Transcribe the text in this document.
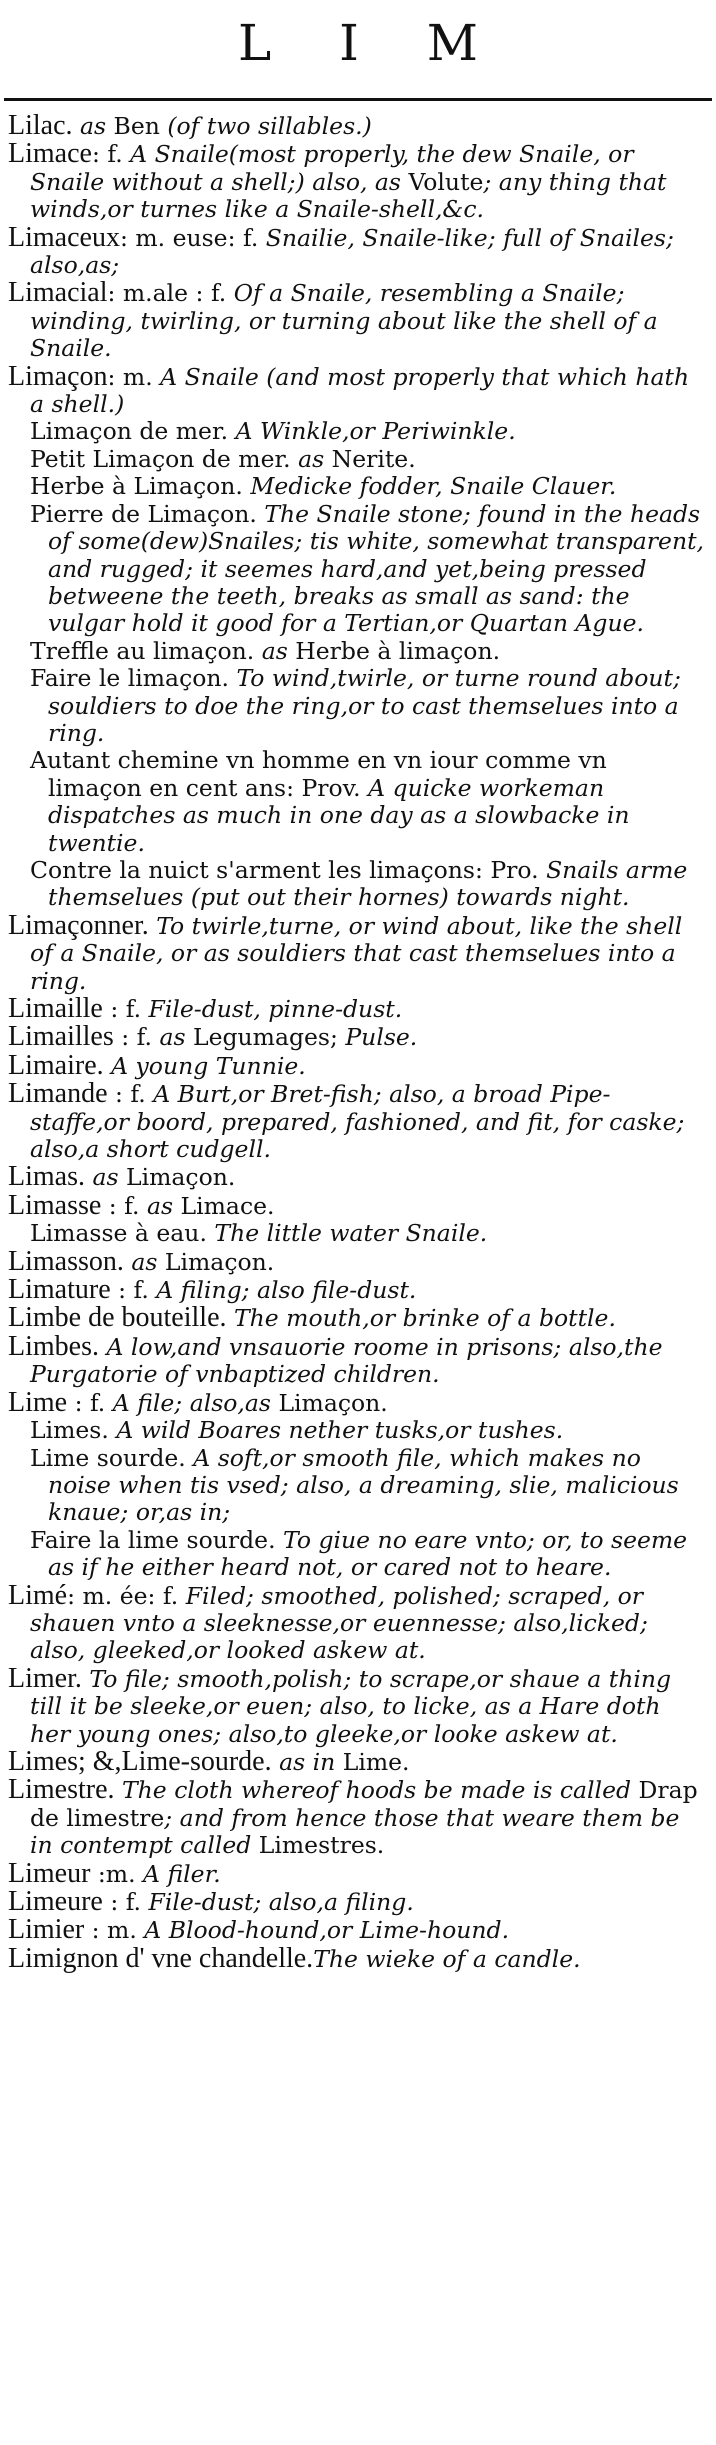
L I M

Lilac. as Ben (of two sillables.)

Limace: f. A Snaile(most properly, the dew Snaile, or Snaile without a shell;) also, as Volute; any thing that winds,or turnes like a Snaile-shell,&c.

Limaceux: m. euse: f. Snailie, Snaile-like; full of Snailes; also,as;

Limacial: m.ale : f. Of a Snaile, resembling a Snaile; winding, twirling, or turning about like the shell of a Snaile.

Limaçon: m. A Snaile (and most properly that which hath a shell.)

Limaçon de mer. A Winkle,or Periwinkle.

Petit Limaçon de mer. as Nerite.

Herbe à Limaçon. Medicke fodder, Snaile Clauer.

Pierre de Limaçon. The Snaile stone; found in the heads of some(dew)Snailes; tis white, somewhat transparent, and rugged; it seemes hard,and yet,being pressed betweene the teeth, breaks as small as sand: the vulgar hold it good for a Tertian,or Quartan Ague.

Treffle au limaçon. as Herbe à limaçon.

Faire le limaçon. To wind,twirle, or turne round about; souldiers to doe the ring,or to cast themselues into a ring.

Autant chemine vn homme en vn iour comme vn limaçon en cent ans: Prov. A quicke workeman dispatches as much in one day as a slowbacke in twentie.

Contre la nuict s'arment les limaçons: Pro. Snails arme themselues (put out their hornes) towards night.

Limaçonner. To twirle,turne, or wind about, like the shell of a Snaile, or as souldiers that cast themselues into a ring.

Limaille : f. File-dust, pinne-dust.

Limailles : f. as Legumages; Pulse.

Limaire. A young Tunnie.

Limande : f. A Burt,or Bret-fish; also, a broad Pipe-staffe,or boord, prepared, fashioned, and fit, for caske; also,a short cudgell.

Limas. as Limaçon.

Limasse : f. as Limace.

Limasse à eau. The little water Snaile.

Limasson. as Limaçon.

Limature : f. A filing; also file-dust.

Limbe de bouteille. The mouth,or brinke of a bottle.

Limbes. A low,and vnsauorie roome in prisons; also,the Purgatorie of vnbaptized children.

Lime : f. A file; also,as Limaçon.

Limes. A wild Boares nether tusks,or tushes.

Lime sourde. A soft,or smooth file, which makes no noise when tis vsed; also, a dreaming, slie, malicious knaue; or,as in;

Faire la lime sourde. To giue no eare vnto; or, to seeme as if he either heard not, or cared not to heare.

Limé: m. ée: f. Filed; smoothed, polished; scraped, or shauen vnto a sleeknesse,or euennesse; also,licked; also, gleeked,or looked askew at.

Limer. To file; smooth,polish; to scrape,or shaue a thing till it be sleeke,or euen; also, to licke, as a Hare doth her young ones; also,to gleeke,or looke askew at.

Limes; &,Lime-sourde. as in Lime.

Limestre. The cloth whereof hoods be made is called Drap de limestre; and from hence those that weare them be in contempt called Limestres.

Limeur :m. A filer.

Limeure : f. File-dust; also,a filing.

Limier : m. A Blood-hound,or Lime-hound.

Limignon d' vne chandelle.The wieke of a candle.
